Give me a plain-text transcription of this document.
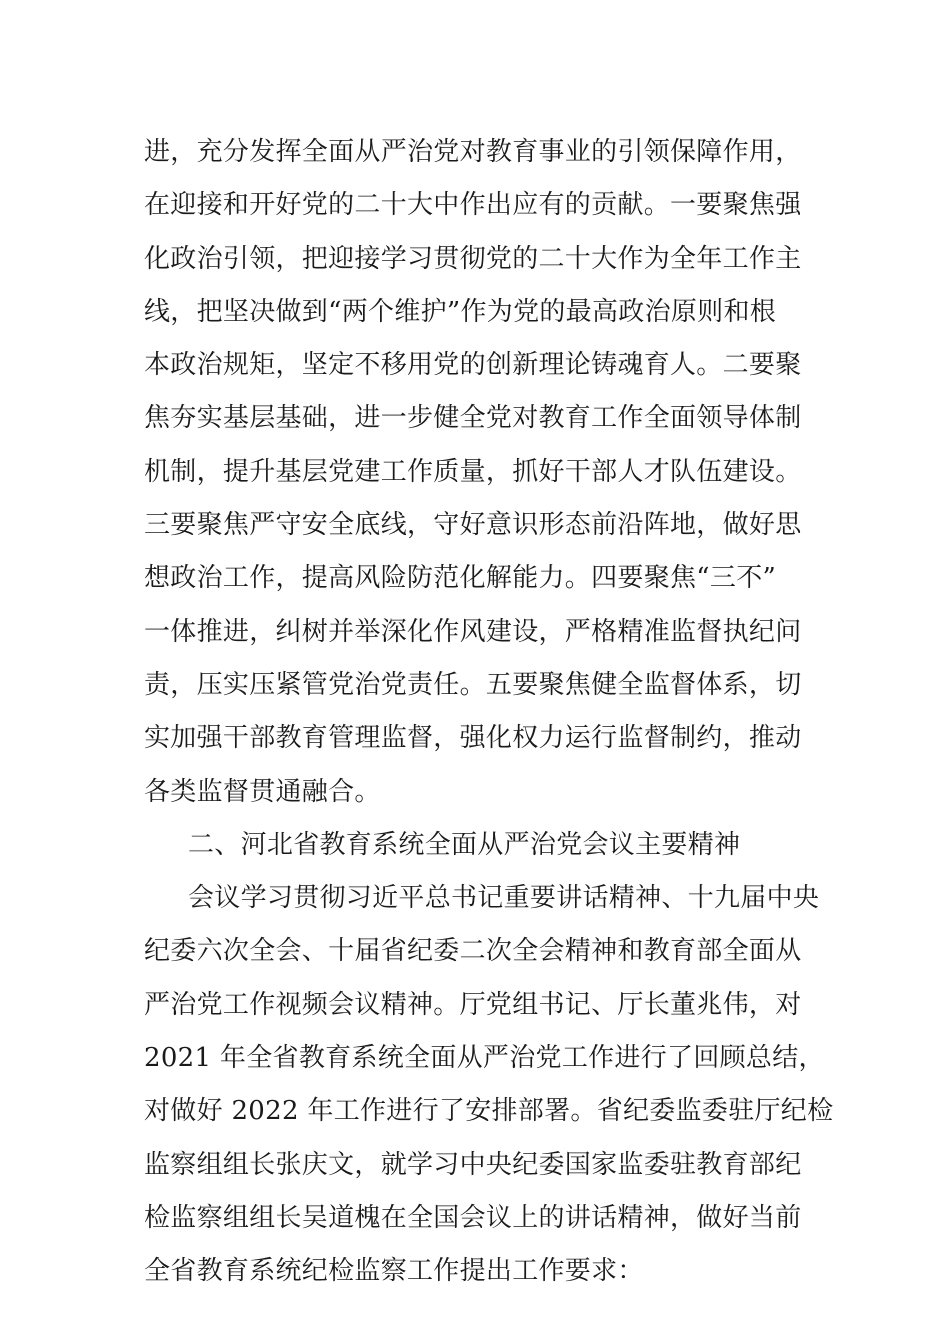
进，充分发挥全面从严治党对教育事业的引领保障作用，
在迎接和开好党的二十大中作出应有的贡献。一要聚焦强
化政治引领，把迎接学习贯彻党的二十大作为全年工作主
线，把坚决做到“两个维护”作为党的最高政治原则和根
本政治规矩，坚定不移用党的创新理论铸魂育人。二要聚
焦夯实基层基础，进一步健全党对教育工作全面领导体制
机制，提升基层党建工作质量，抓好干部人才队伍建设。
三要聚焦严守安全底线，守好意识形态前沿阵地，做好思
想政治工作，提高风险防范化解能力。四要聚焦“三不”
一体推进，纠树并举深化作风建设，严格精准监督执纪问
责，压实压紧管党治党责任。五要聚焦健全监督体系，切
实加强干部教育管理监督，强化权力运行监督制约，推动
各类监督贯通融合。
二、河北省教育系统全面从严治党会议主要精神
会议学习贯彻习近平总书记重要讲话精神、十九届中央
纪委六次全会、十届省纪委二次全会精神和教育部全面从
严治党工作视频会议精神。厅党组书记、厅长董兆伟，对
2021 年全省教育系统全面从严治党工作进行了回顾总结，
对做好 2022 年工作进行了安排部署。省纪委监委驻厅纪检
监察组组长张庆文，就学习中央纪委国家监委驻教育部纪
检监察组组长吴道槐在全国会议上的讲话精神，做好当前
全省教育系统纪检监察工作提出工作要求：
